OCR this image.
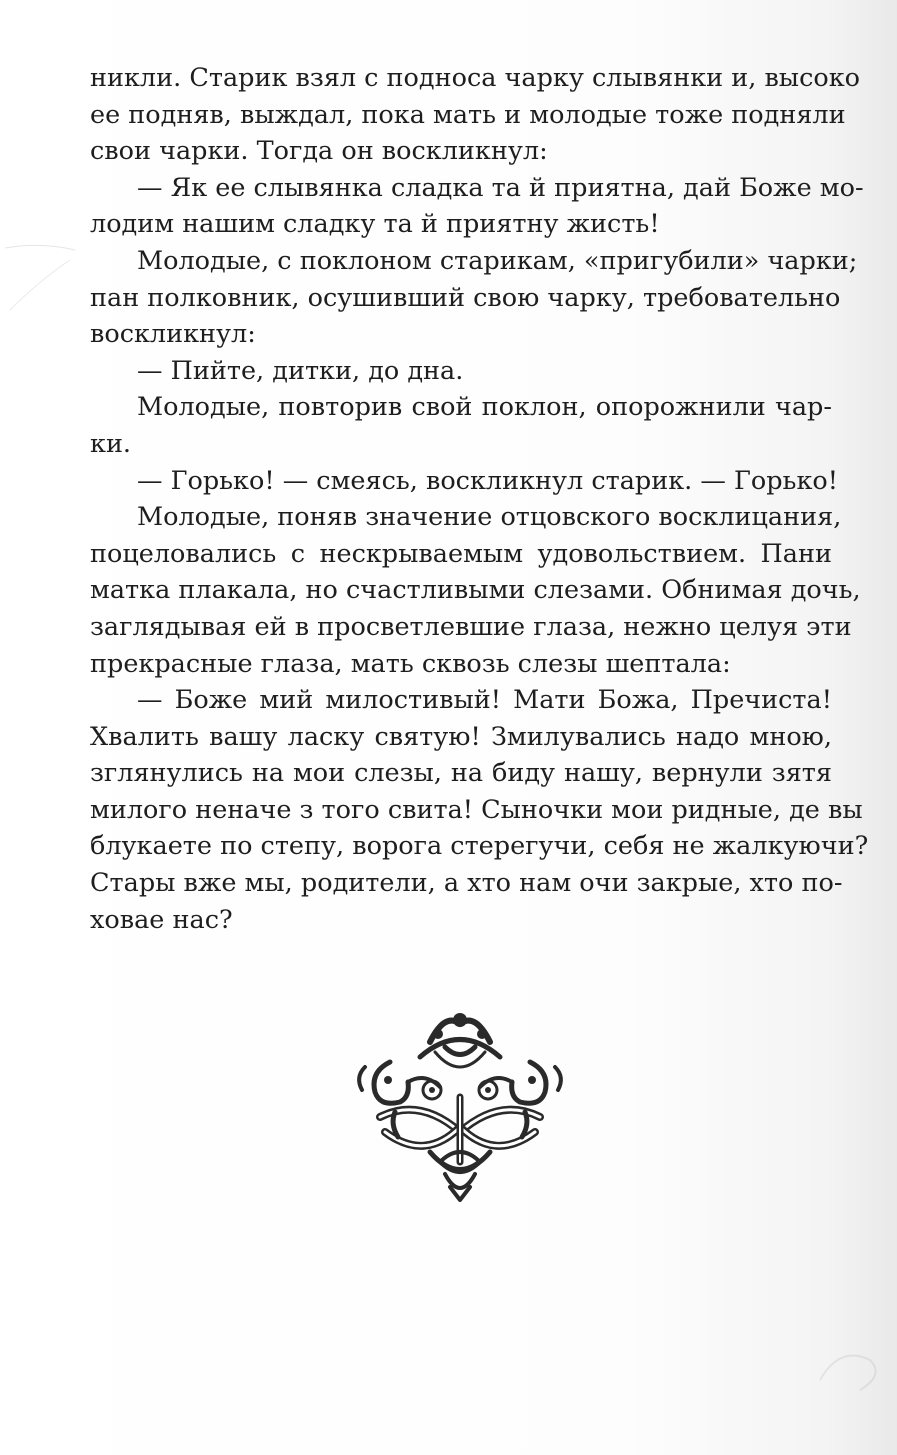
никли. Старик взял с подноса чарку слывянки и, высоко
ее подняв, выждал, пока мать и молодые тоже подняли
свои чарки. Тогда он воскликнул:
— Як ее слывянка сладка та й приятна, дай Боже мо-
лодим нашим сладку та й приятну жисть!
Молодые, с поклоном старикам, «пригубили» чарки;
пан полковник, осушивший свою чарку, требовательно
воскликнул:
— Пийте, дитки, до дна.
Молодые, повторив свой поклон, опорожнили чар-
ки.
— Горько! — смеясь, воскликнул старик. — Горько!
Молодые, поняв значение отцовского восклицания,
поцеловались с нескрываемым удовольствием. Пани
матка плакала, но счастливыми слезами. Обнимая дочь,
заглядывая ей в просветлевшие глаза, нежно целуя эти
прекрасные глаза, мать сквозь слезы шептала:
— Боже мий милостивый! Мати Божа, Пречиста!
Хвалить вашу ласку святую! Змилувались надо мною,
зглянулись на мои слезы, на биду нашу, вернули зятя
милого неначе з того свита! Сыночки мои ридные, де вы
блукаете по степу, ворога стерегучи, себя не жалкуючи?
Стары вже мы, родители, а хто нам очи закрые, хто по-
ховае нас?
